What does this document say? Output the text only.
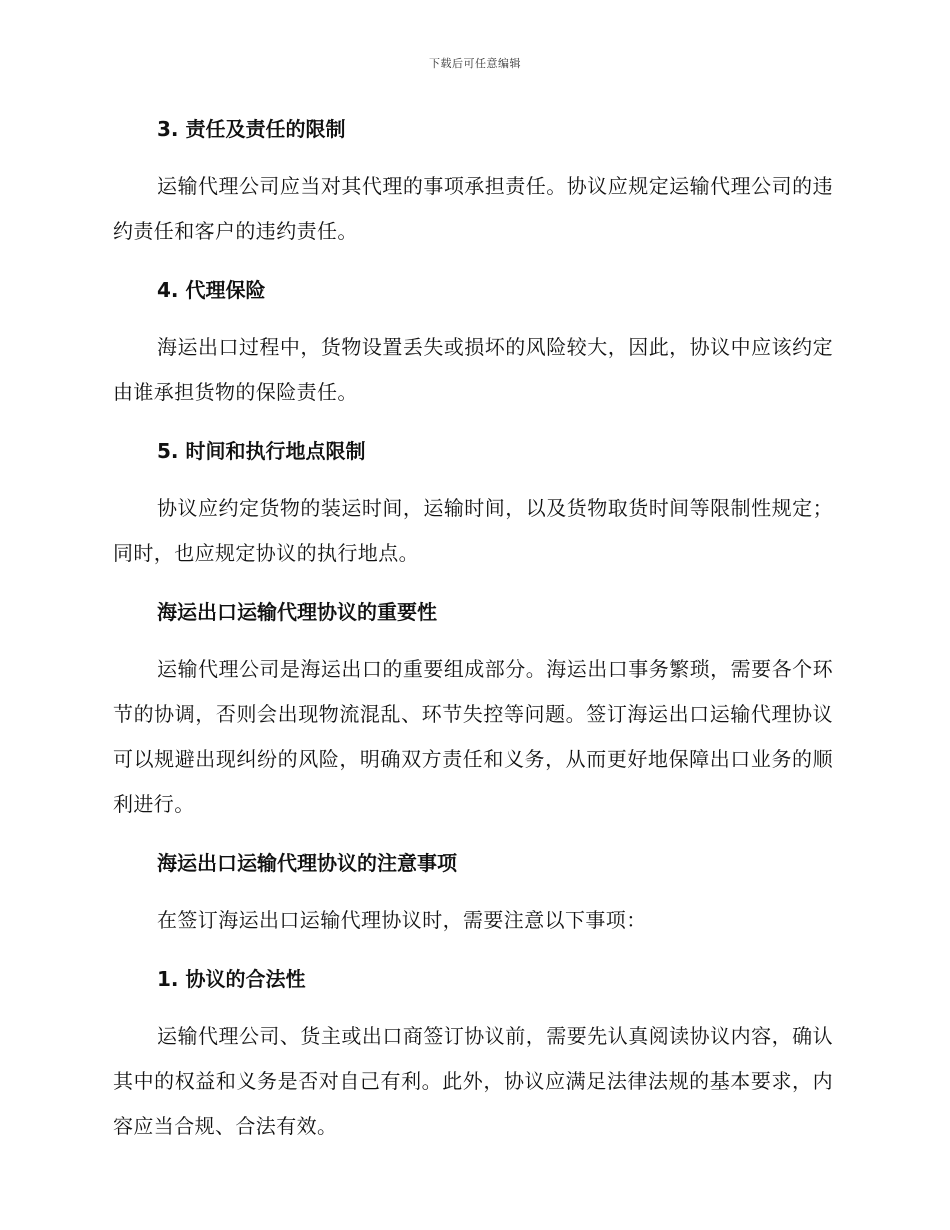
下载后可任意编辑
3. 责任及责任的限制

运输代理公司应当对其代理的事项承担责任。协议应规定运输代理公司的违约责任和客户的违约责任。

4. 代理保险

海运出口过程中，货物设置丢失或损坏的风险较大，因此，协议中应该约定由谁承担货物的保险责任。

5. 时间和执行地点限制

协议应约定货物的装运时间，运输时间，以及货物取货时间等限制性规定；同时，也应规定协议的执行地点。

海运出口运输代理协议的重要性

运输代理公司是海运出口的重要组成部分。海运出口事务繁琐，需要各个环节的协调，否则会出现物流混乱、环节失控等问题。签订海运出口运输代理协议可以规避出现纠纷的风险，明确双方责任和义务，从而更好地保障出口业务的顺利进行。

海运出口运输代理协议的注意事项

在签订海运出口运输代理协议时，需要注意以下事项：

1. 协议的合法性

运输代理公司、货主或出口商签订协议前，需要先认真阅读协议内容，确认其中的权益和义务是否对自己有利。此外，协议应满足法律法规的基本要求，内容应当合规、合法有效。
